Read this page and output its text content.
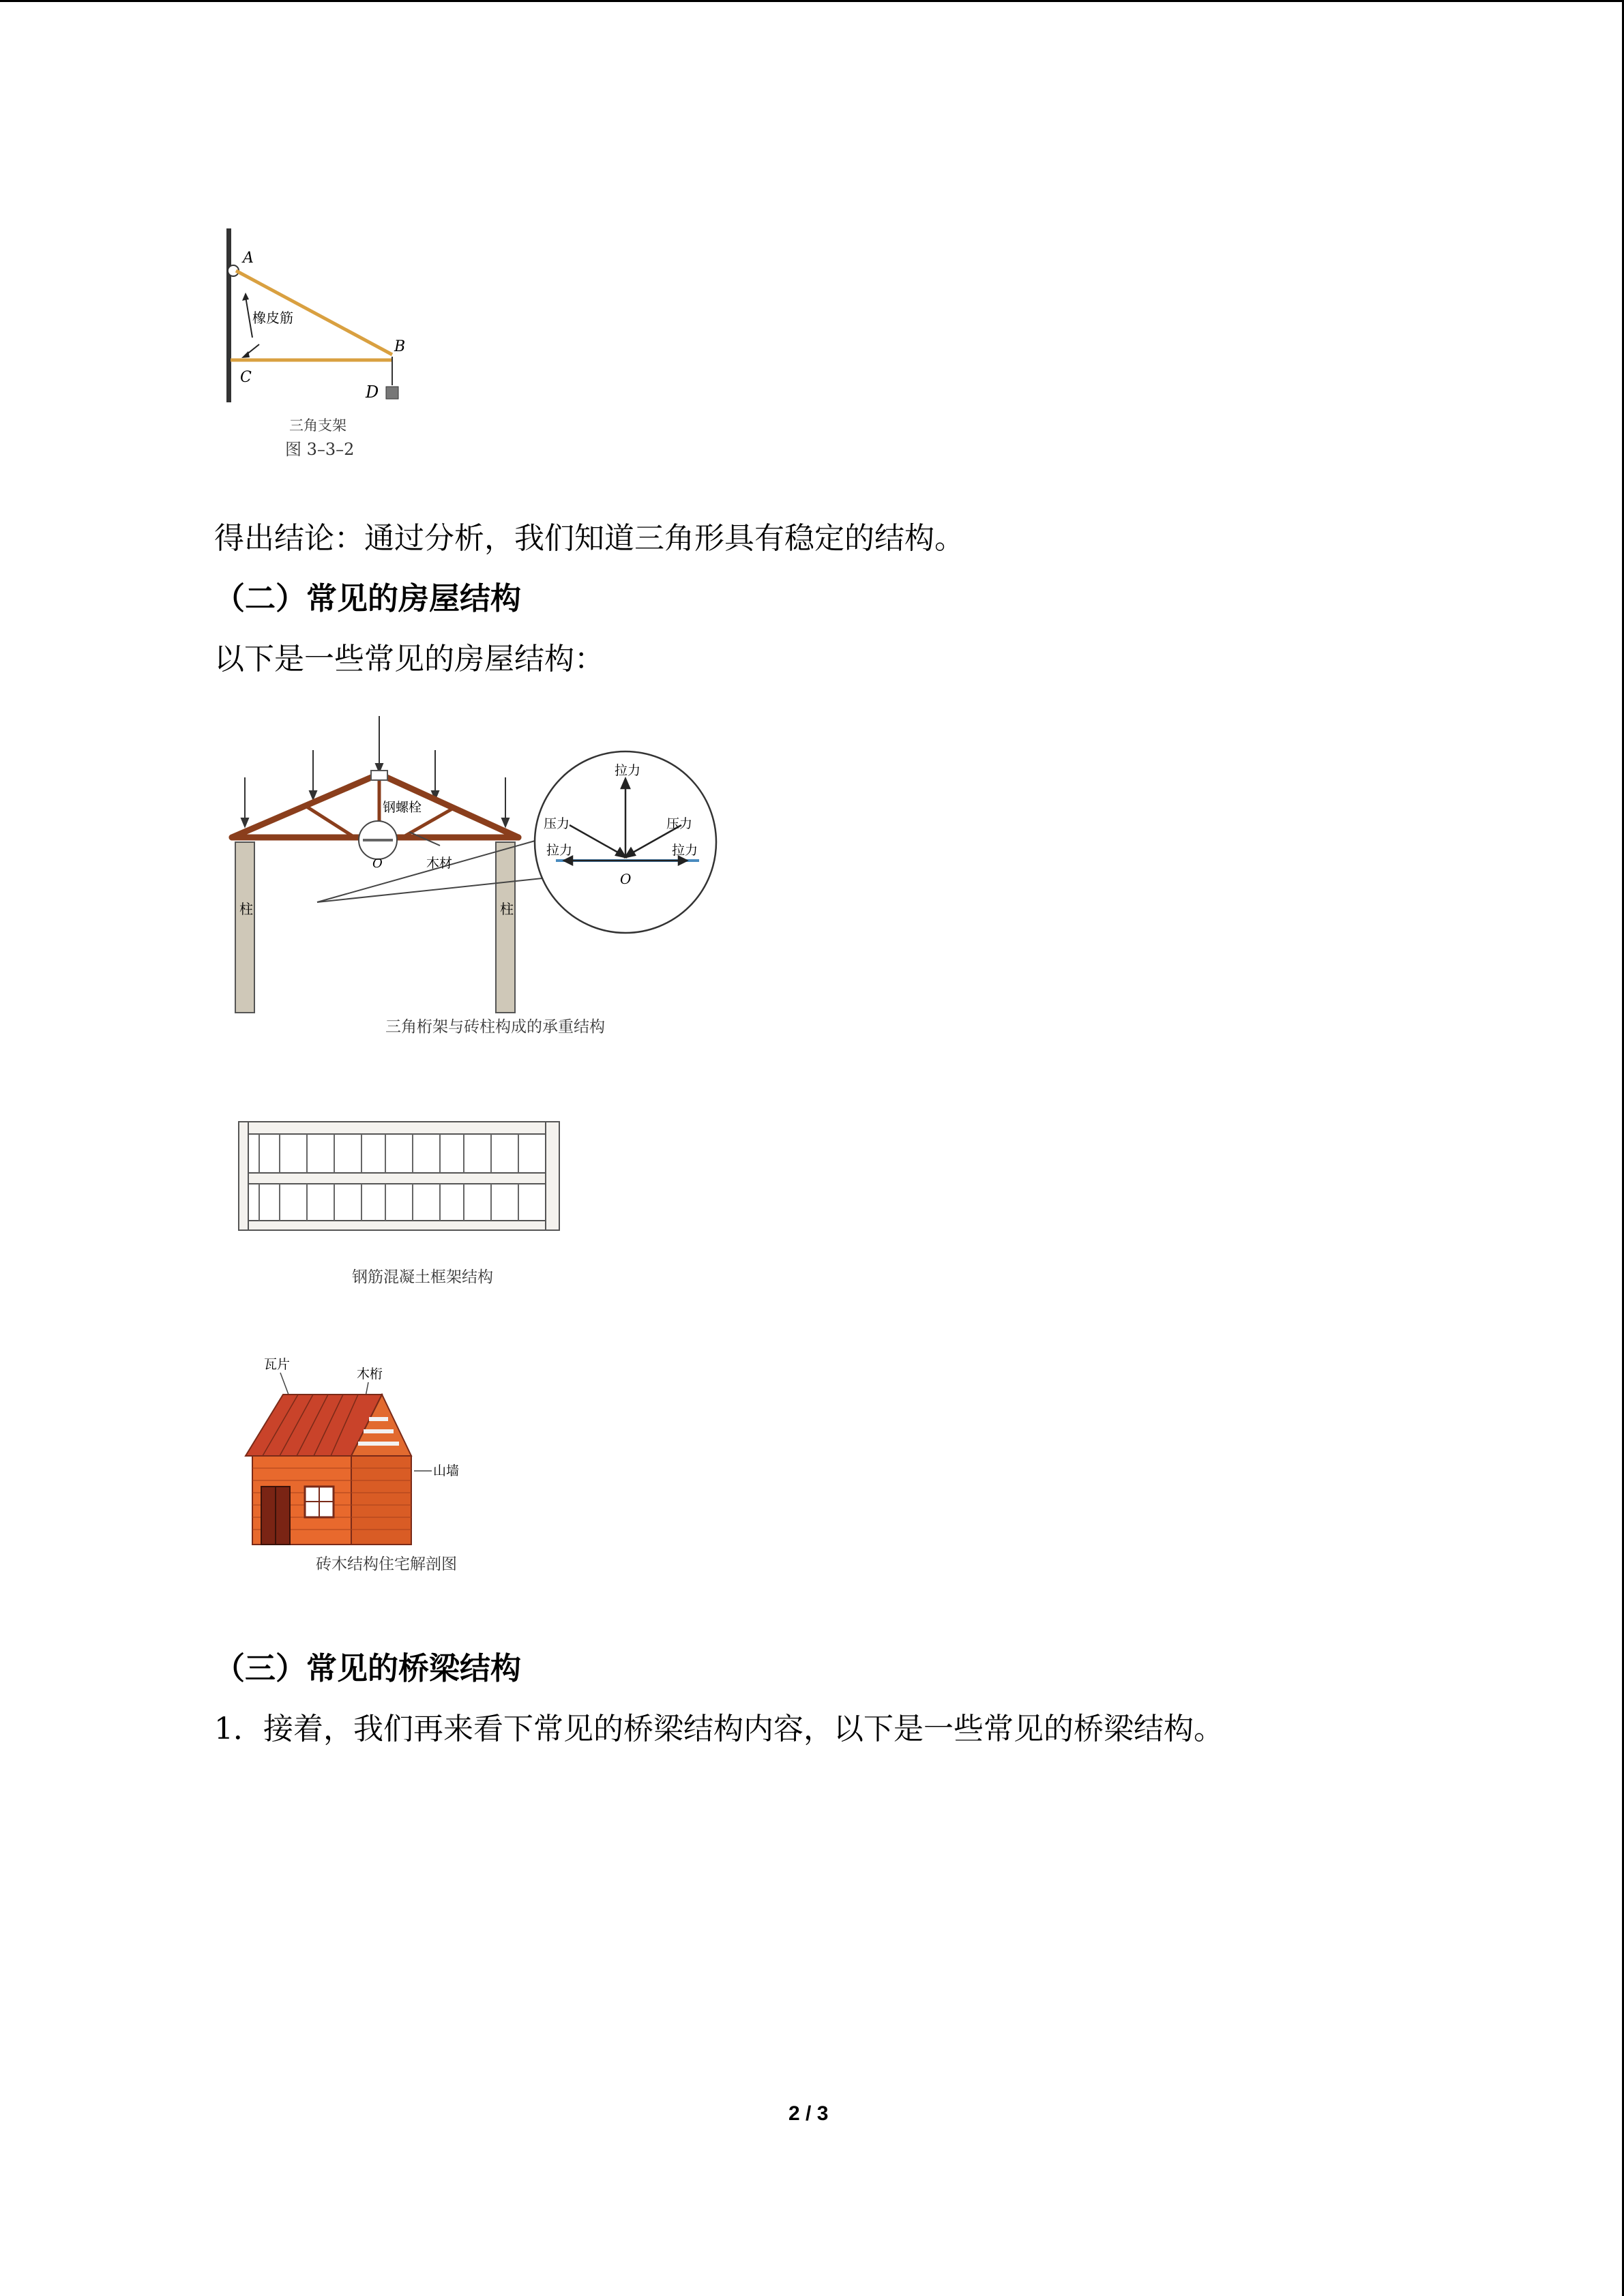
A
B
C
D
橡皮筋
三角支架
图 3–3–2
得出结论：通过分析，我们知道三角形具有稳定的结构。
（二）常见的房屋结构
以下是一些常见的房屋结构：
钢螺栓
O	木材
柱	柱
拉力
压力	压力
拉力	拉力
O
三角桁架与砖柱构成的承重结构
钢筋混凝土框架结构
瓦片
木桁
山墙
砖木结构住宅解剖图
（三）常见的桥梁结构
1．接着，我们再来看下常见的桥梁结构内容，以下是一些常见的桥梁结构。
2 / 3
